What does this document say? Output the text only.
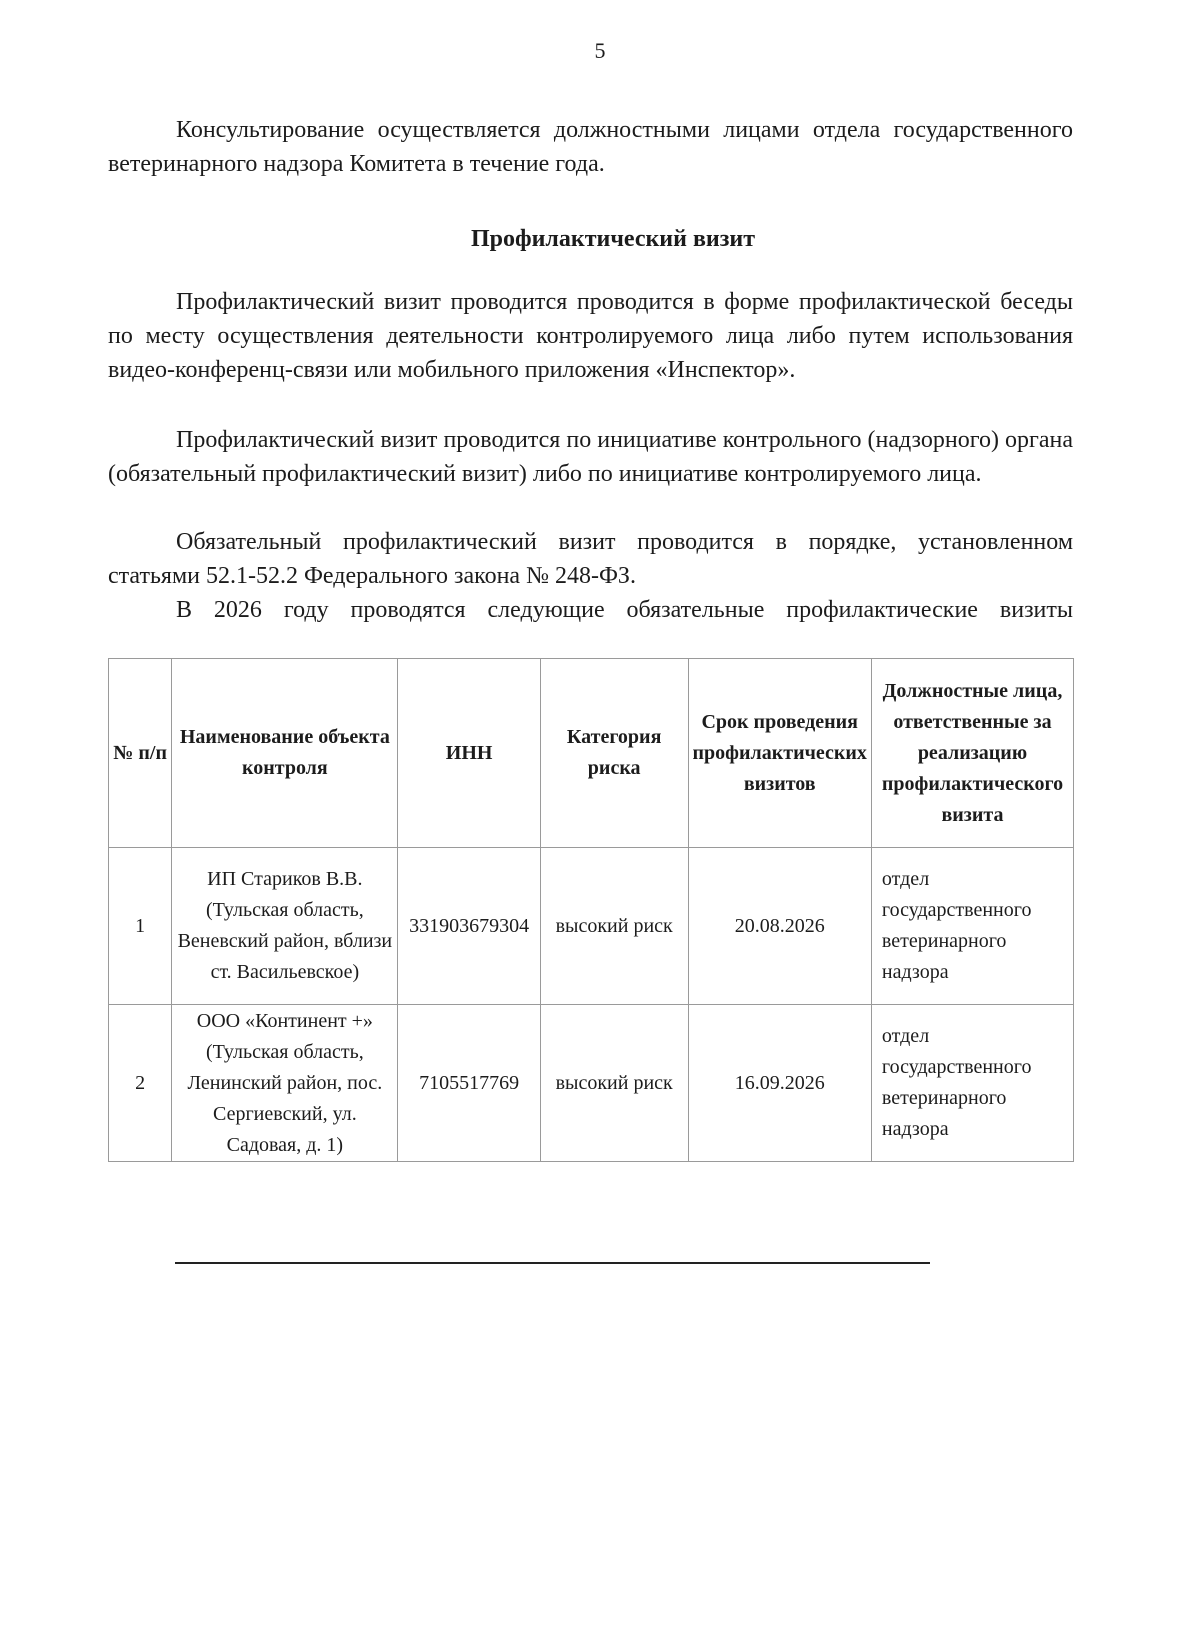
5

Консультирование осуществляется должностными лицами отдела государственного ветеринарного надзора Комитета в течение года.

Профилактический визит

Профилактический визит проводится проводится в форме профилактической беседы по месту осуществления деятельности контролируемого лица либо путем использования видео-конференц-связи или мобильного приложения «Инспектор».

Профилактический визит проводится по инициативе контрольного (надзорного) органа (обязательный профилактический визит) либо по инициативе контролируемого лица.

Обязательный профилактический визит проводится в порядке, установленном статьями 52.1-52.2 Федерального закона № 248-ФЗ.

В 2026 году проводятся следующие обязательные профилактические визиты

№ п/п	Наименование объекта контроля	ИНН	Категория риска	Срок проведения профилактических визитов	Должностные лица, ответственные за реализацию профилактического визита
1	ИП Стариков В.В. (Тульская область, Веневский район, вблизи ст. Васильевское)	331903679304	высокий риск	20.08.2026	отдел государственного ветеринарного надзора
2	ООО «Континент +» (Тульская область, Ленинский район, пос. Сергиевский, ул. Садовая, д. 1)	7105517769	высокий риск	16.09.2026	отдел государственного ветеринарного надзора
